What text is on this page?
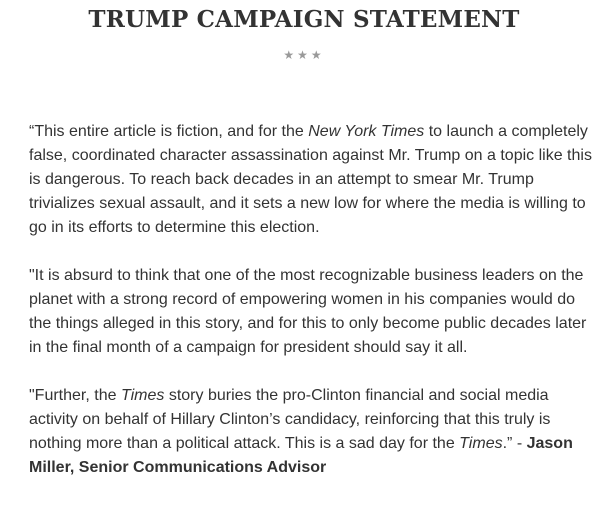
TRUMP CAMPAIGN STATEMENT
★★★

“This entire article is fiction, and for the New York Times to launch a completely false, coordinated character assassination against Mr. Trump on a topic like this is dangerous. To reach back decades in an attempt to smear Mr. Trump trivializes sexual assault, and it sets a new low for where the media is willing to go in its efforts to determine this election.

"It is absurd to think that one of the most recognizable business leaders on the planet with a strong record of empowering women in his companies would do the things alleged in this story, and for this to only become public decades later in the final month of a campaign for president should say it all.

"Further, the Times story buries the pro-Clinton financial and social media activity on behalf of Hillary Clinton’s candidacy, reinforcing that this truly is nothing more than a political attack. This is a sad day for the Times.” - Jason Miller, Senior Communications Advisor
